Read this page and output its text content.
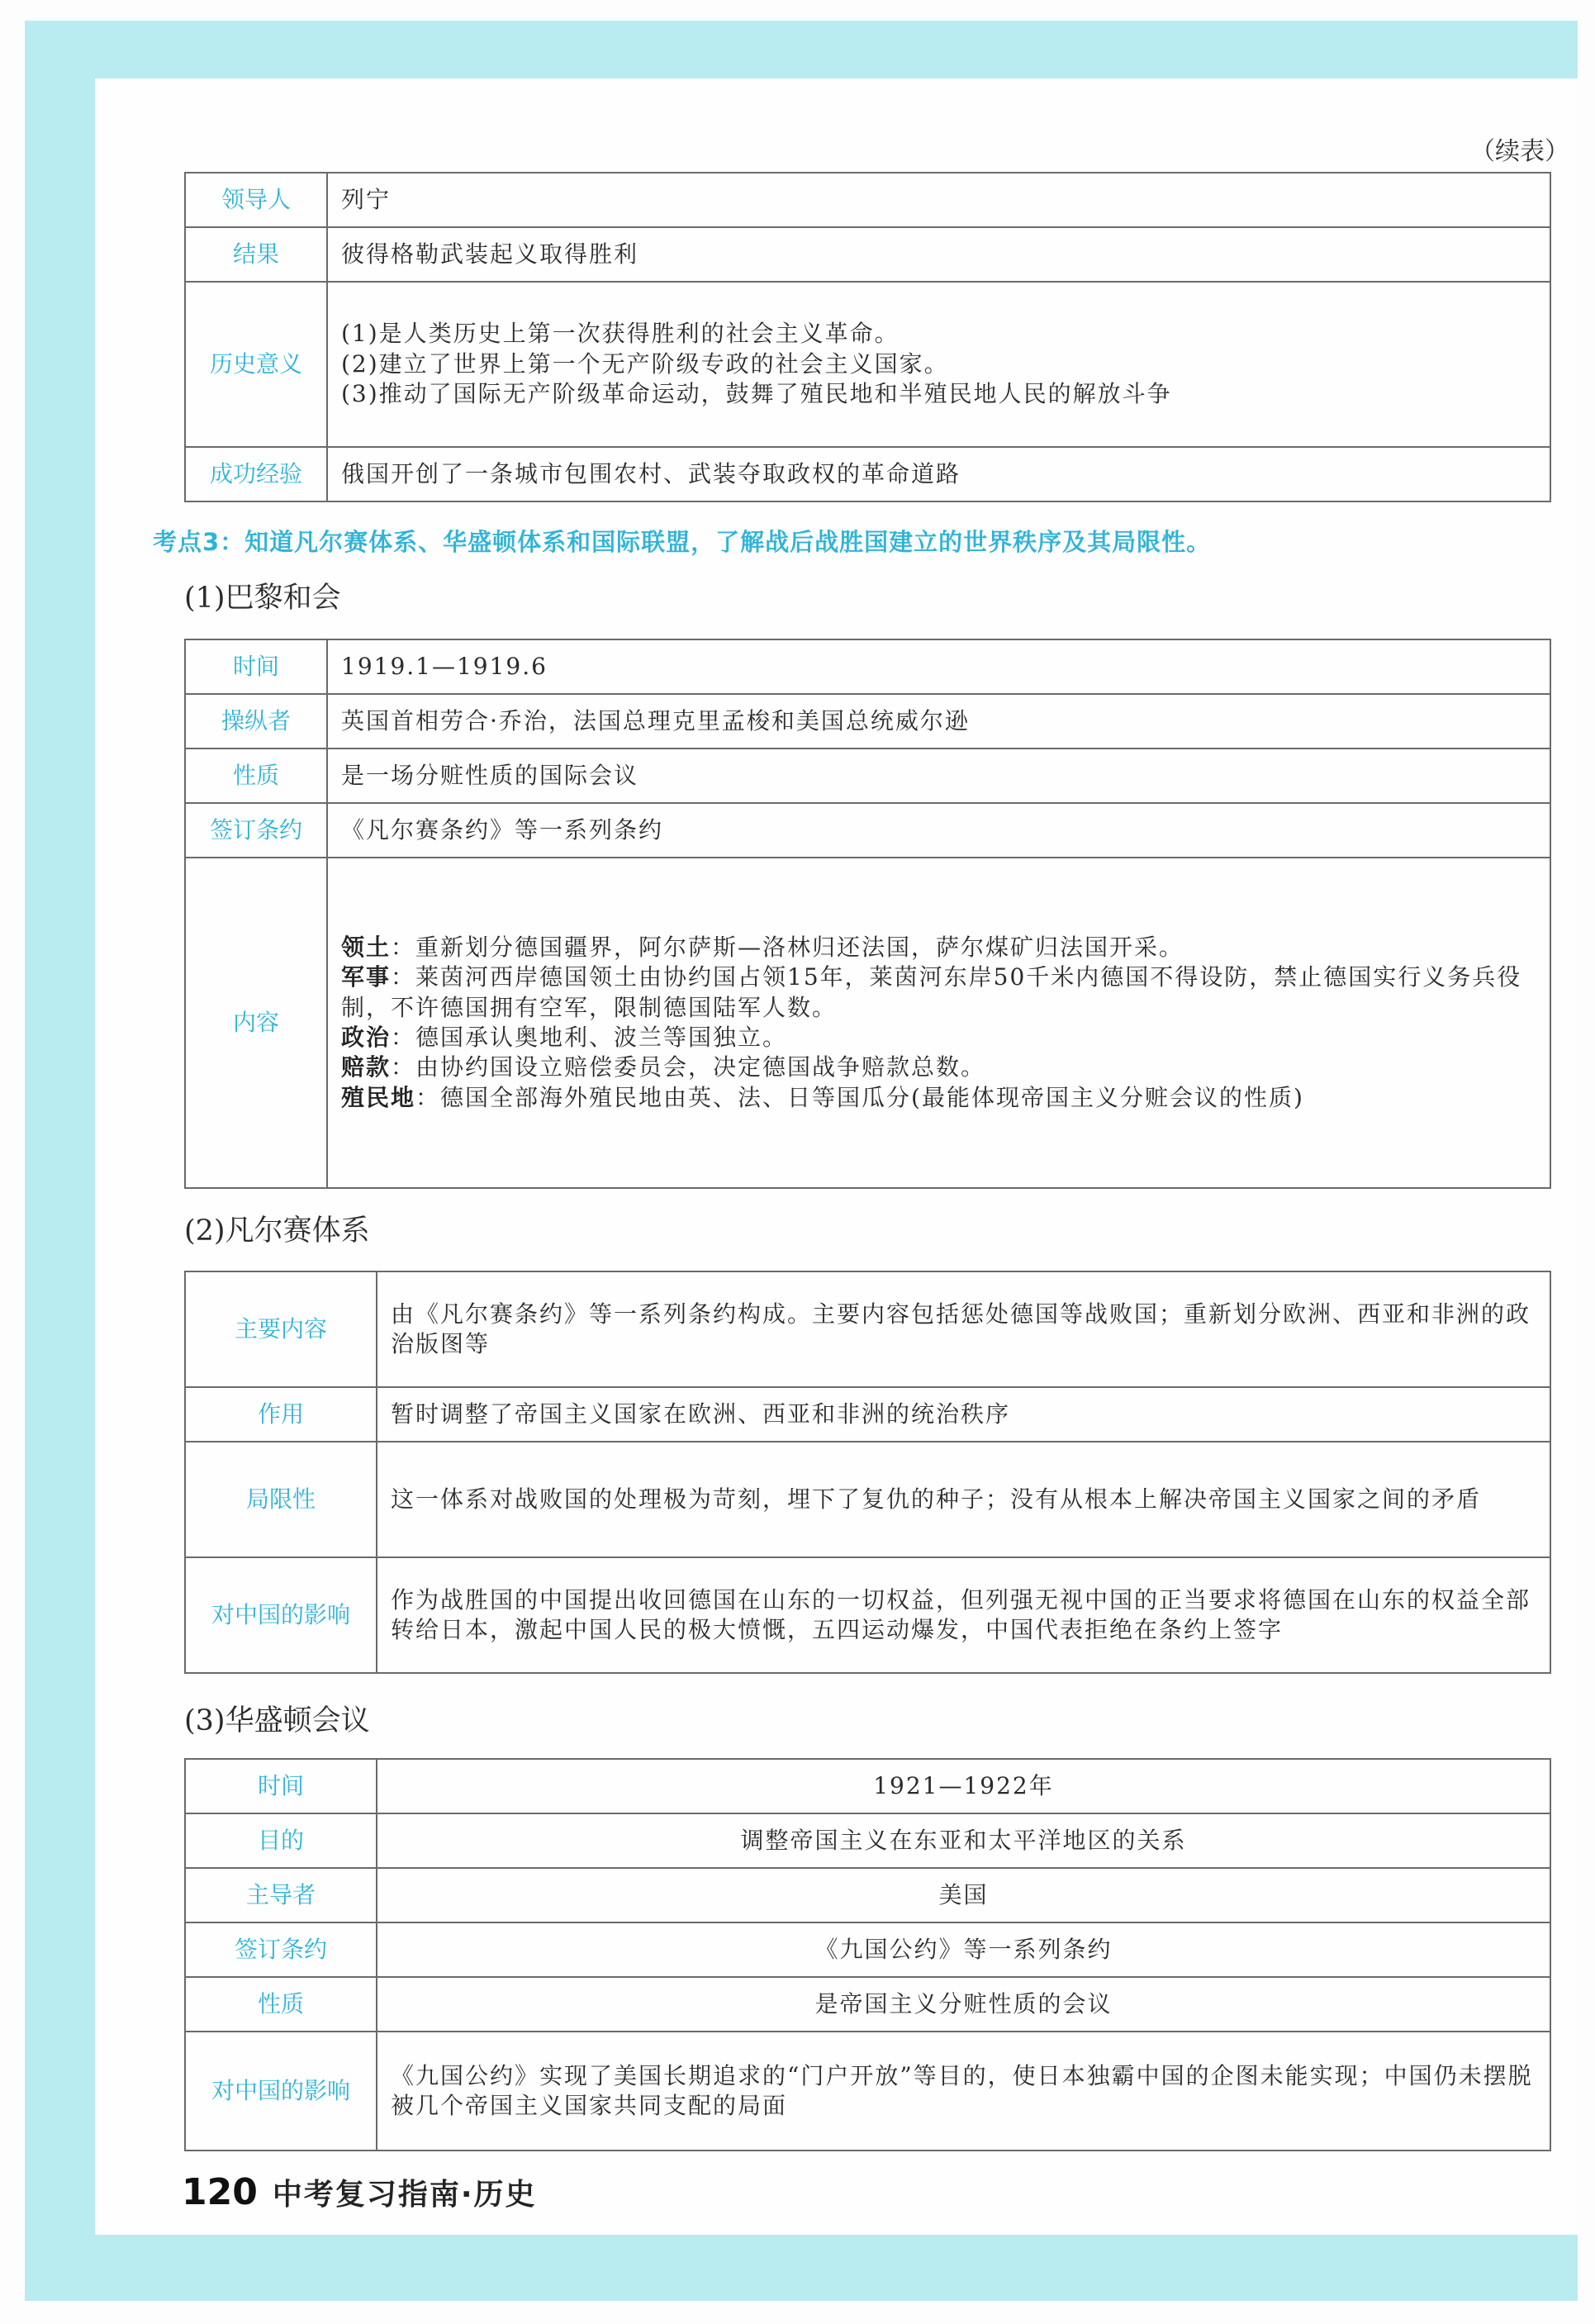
（续表）
领导人	列宁
结果	彼得格勒武装起义取得胜利
历史意义	(1)是人类历史上第一次获得胜利的社会主义革命。
(2)建立了世界上第一个无产阶级专政的社会主义国家。
(3)推动了国际无产阶级革命运动，鼓舞了殖民地和半殖民地人民的解放斗争

成功经验	俄国开创了一条城市包围农村、武装夺取政权的革命道路
考点3：知道凡尔赛体系、华盛顿体系和国际联盟，了解战后战胜国建立的世界秩序及其局限性。
(1)巴黎和会
时间	1919.1—1919.6
操纵者	英国首相劳合·乔治，法国总理克里孟梭和美国总统威尔逊
性质	是一场分赃性质的国际会议
签订条约	《凡尔赛条约》等一系列条约
内容	领土：重新划分德国疆界，阿尔萨斯—洛林归还法国，萨尔煤矿归法国开采。
军事：莱茵河西岸德国领土由协约国占领15年，莱茵河东岸50千米内德国不得设防，禁止德国实行义务兵役制，不许德国拥有空军，限制德国陆军人数。
政治：德国承认奥地利、波兰等国独立。
赔款：由协约国设立赔偿委员会，决定德国战争赔款总数。
殖民地：德国全部海外殖民地由英、法、日等国瓜分(最能体现帝国主义分赃会议的性质)
(2)凡尔赛体系
主要内容	由《凡尔赛条约》等一系列条约构成。主要内容包括惩处德国等战败国；重新划分欧洲、西亚和非洲的政治版图等
作用	暂时调整了帝国主义国家在欧洲、西亚和非洲的统治秩序
局限性	这一体系对战败国的处理极为苛刻，埋下了复仇的种子；没有从根本上解决帝国主义国家之间的矛盾
对中国的影响	作为战胜国的中国提出收回德国在山东的一切权益，但列强无视中国的正当要求将德国在山东的权益全部转给日本，激起中国人民的极大愤慨，五四运动爆发，中国代表拒绝在条约上签字
(3)华盛顿会议
时间	1921—1922年
目的	调整帝国主义在东亚和太平洋地区的关系
主导者	美国
签订条约	《九国公约》等一系列条约
性质	是帝国主义分赃性质的会议
对中国的影响	《九国公约》实现了美国长期追求的“门户开放”等目的，使日本独霸中国的企图未能实现；中国仍未摆脱被几个帝国主义国家共同支配的局面
120 中考复习指南·历史
